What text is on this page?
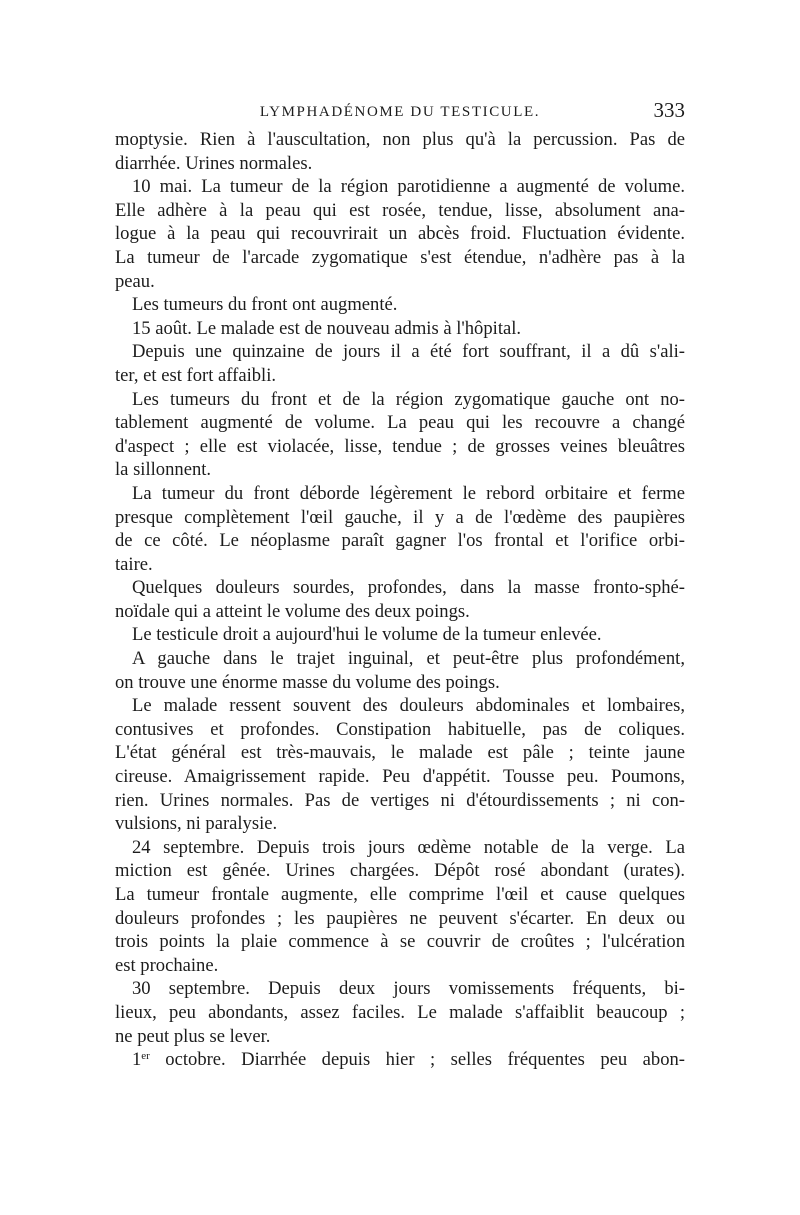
LYMPHADÉNOME DU TESTICULE.	333
moptysie. Rien à l'auscultation, non plus qu'à la percussion. Pas de
diarrhée. Urines normales.
10 mai. La tumeur de la région parotidienne a augmenté de volume.
Elle adhère à la peau qui est rosée, tendue, lisse, absolument ana-
logue à la peau qui recouvrirait un abcès froid. Fluctuation évidente.
La tumeur de l'arcade zygomatique s'est étendue, n'adhère pas à la
peau.
Les tumeurs du front ont augmenté.
15 août. Le malade est de nouveau admis à l'hôpital.
Depuis une quinzaine de jours il a été fort souffrant, il a dû s'ali-
ter, et est fort affaibli.
Les tumeurs du front et de la région zygomatique gauche ont no-
tablement augmenté de volume. La peau qui les recouvre a changé
d'aspect ; elle est violacée, lisse, tendue ; de grosses veines bleuâtres
la sillonnent.
La tumeur du front déborde légèrement le rebord orbitaire et ferme
presque complètement l'œil gauche, il y a de l'œdème des paupières
de ce côté. Le néoplasme paraît gagner l'os frontal et l'orifice orbi-
taire.
Quelques douleurs sourdes, profondes, dans la masse fronto-sphé-
noïdale qui a atteint le volume des deux poings.
Le testicule droit a aujourd'hui le volume de la tumeur enlevée.
A gauche dans le trajet inguinal, et peut-être plus profondément,
on trouve une énorme masse du volume des poings.
Le malade ressent souvent des douleurs abdominales et lombaires,
contusives et profondes. Constipation habituelle, pas de coliques.
L'état général est très-mauvais, le malade est pâle ; teinte jaune
cireuse. Amaigrissement rapide. Peu d'appétit. Tousse peu. Poumons,
rien. Urines normales. Pas de vertiges ni d'étourdissements ; ni con-
vulsions, ni paralysie.
24 septembre. Depuis trois jours œdème notable de la verge. La
miction est gênée. Urines chargées. Dépôt rosé abondant (urates).
La tumeur frontale augmente, elle comprime l'œil et cause quelques
douleurs profondes ; les paupières ne peuvent s'écarter. En deux ou
trois points la plaie commence à se couvrir de croûtes ; l'ulcération
est prochaine.
30 septembre. Depuis deux jours vomissements fréquents, bi-
lieux, peu abondants, assez faciles. Le malade s'affaiblit beaucoup ;
ne peut plus se lever.
1er octobre. Diarrhée depuis hier ; selles fréquentes peu abon-
